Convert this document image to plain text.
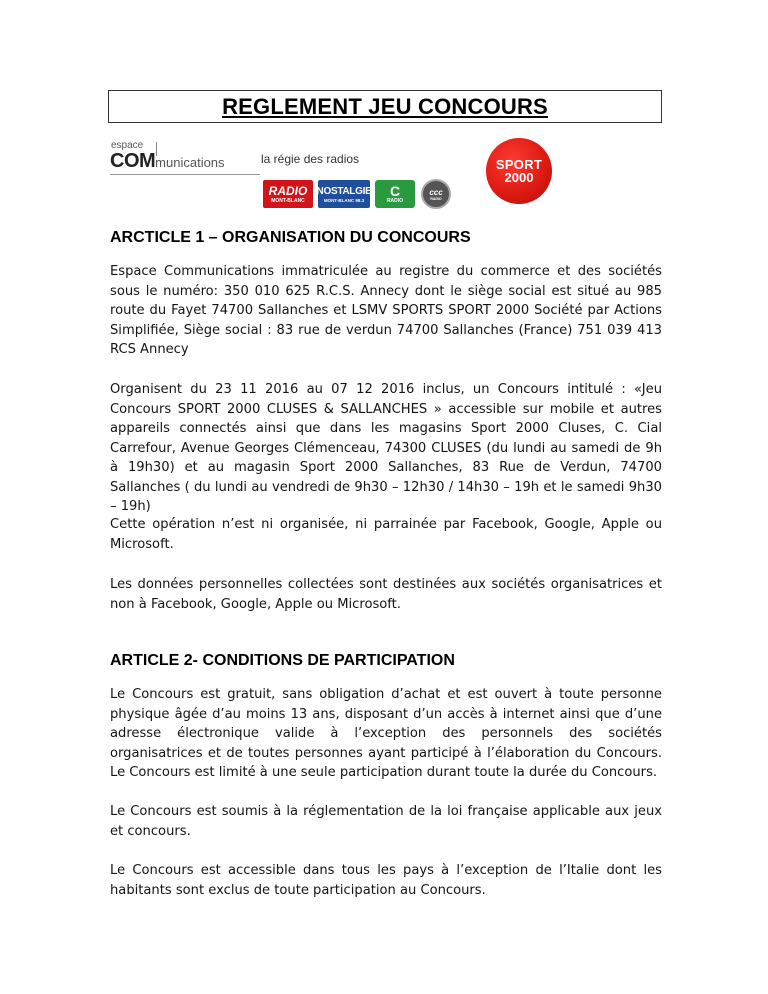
REGLEMENT JEU CONCOURS
espace
COMmunications	la régie des radios
RADIO
MONT-BLANC
NOSTALGIE
MONT-BLANC 98.3
C
RADIO
ccc
RADIO
SPORT
2000
ARCTICLE 1 – ORGANISATION DU CONCOURS

Espace Communications immatriculée au registre du commerce et des sociétés sous le numéro: 350 010 625 R.C.S. Annecy dont le siège social est situé au 985 route du Fayet 74700 Sallanches et LSMV SPORTS SPORT 2000 Société par Actions Simplifiée, Siège social : 83 rue de verdun 74700 Sallanches (France) 751 039 413 RCS Annecy

Organisent du 23 11 2016 au 07 12 2016 inclus, un Concours intitulé : «Jeu Concours SPORT 2000 CLUSES & SALLANCHES » accessible sur mobile et autres appareils connectés ainsi que dans les magasins Sport 2000 Cluses, C. Cial Carrefour, Avenue Georges Clémenceau, 74300 CLUSES (du lundi au samedi de 9h à 19h30) et au magasin Sport 2000 Sallanches, 83 Rue de Verdun, 74700 Sallanches ( du lundi au vendredi de 9h30 – 12h30 / 14h30 – 19h et le samedi 9h30 – 19h)

Cette opération n’est ni organisée, ni parrainée par Facebook, Google, Apple ou Microsoft.

Les données personnelles collectées sont destinées aux sociétés organisatrices et non à Facebook, Google, Apple ou Microsoft.

ARTICLE 2- CONDITIONS DE PARTICIPATION

Le Concours est gratuit, sans obligation d’achat et est ouvert à toute personne physique âgée d’au moins 13 ans, disposant d’un accès à internet ainsi que d’une adresse électronique valide à l’exception des personnels des sociétés organisatrices et de toutes personnes ayant participé à l’élaboration du Concours. Le Concours est limité à une seule participation durant toute la durée du Concours.

Le Concours est soumis à la réglementation de la loi française applicable aux jeux et concours.

Le Concours est accessible dans tous les pays à l’exception de l’Italie dont les habitants sont exclus de toute participation au Concours.
